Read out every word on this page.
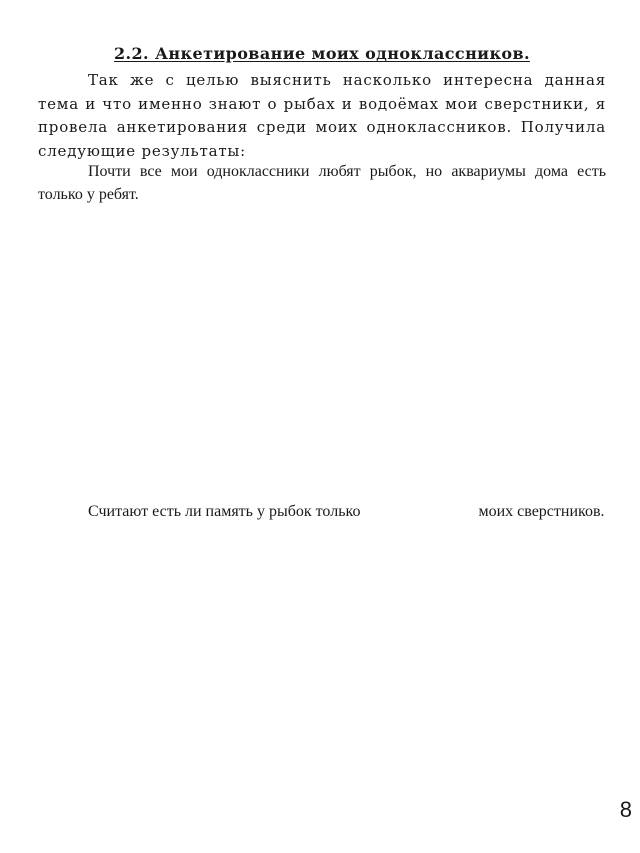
2.2. Анкетирование моих одноклассников.

Так же с целью выяснить насколько интересна данная тема и что именно знают о рыбах и водоёмах мои сверстники, я провела анкетирования среди моих одноклассников. Получила следующие результаты:

Почти все мои одноклассники любят рыбок, но аквариумы дома есть только у ребят.

Считают есть ли память у рыбок только	моих сверстников.

8
